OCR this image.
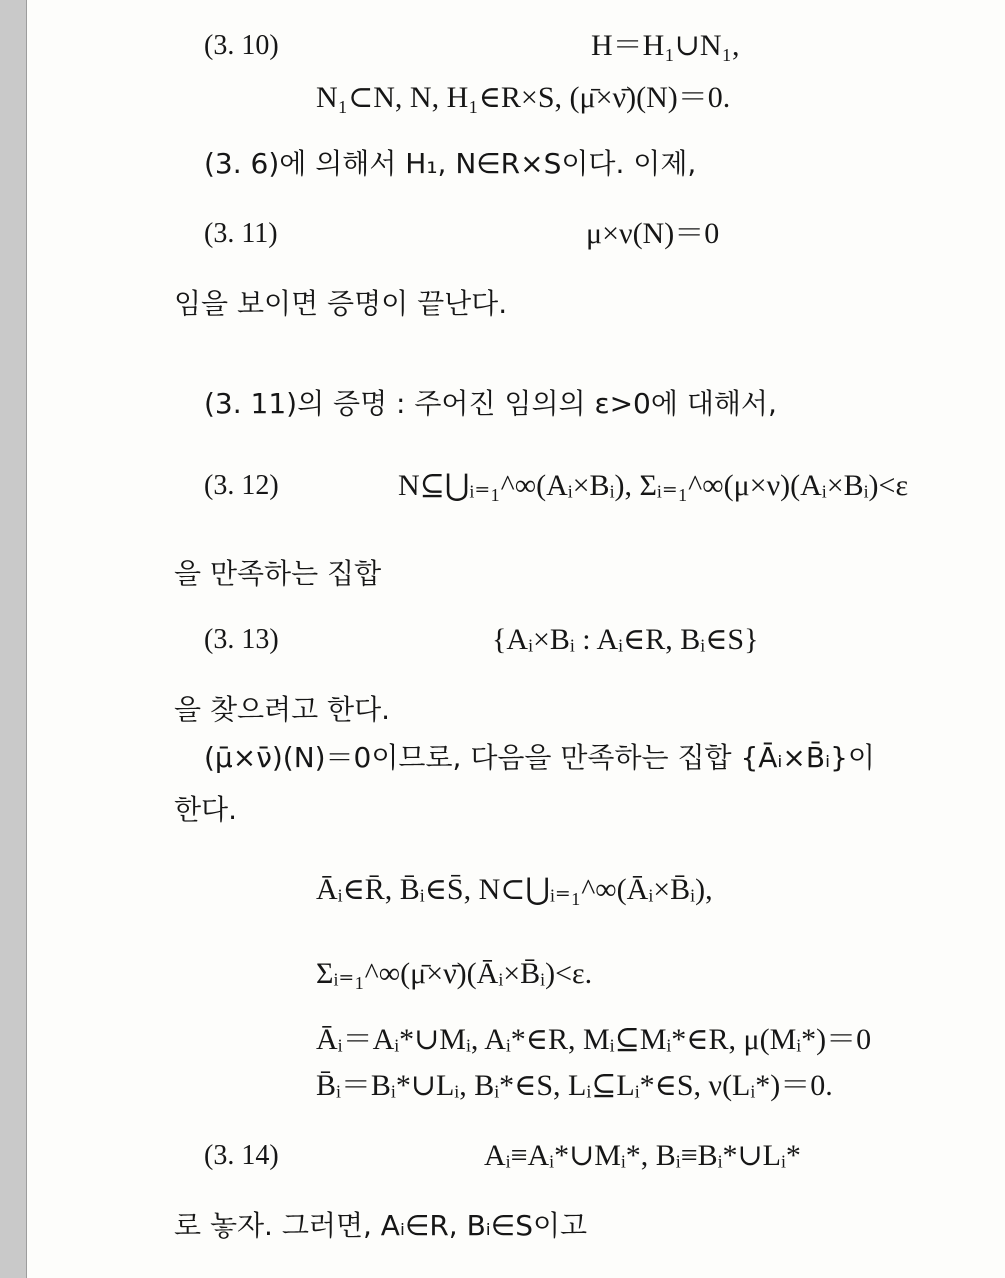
(3. 10)	H＝H₁∪N₁,
N₁⊂N, N, H₁∈R×S, (μ̄×ν̄)(N)＝0.
(3. 6)에 의해서 H₁, N∈R×S이다. 이제,
(3. 11)	μ×ν(N)＝0
임을 보이면 증명이 끝난다.
(3. 11)의 증명 : 주어진 임의의 ε>0에 대해서,
(3. 12)	N⊆⋃ᵢ₌₁^∞(Aᵢ×Bᵢ), Σᵢ₌₁^∞(μ×ν)(Aᵢ×Bᵢ)<ε
을 만족하는 집합
(3. 13)	{Aᵢ×Bᵢ : Aᵢ∈R, Bᵢ∈S}
을 찾으려고 한다.
(μ̄×ν̄)(N)＝0이므로, 다음을 만족하는 집합 {Āᵢ×B̄ᵢ}이
한다.
Āᵢ∈R̄, B̄ᵢ∈S̄, N⊂⋃ᵢ₌₁^∞(Āᵢ×B̄ᵢ),
Σᵢ₌₁^∞(μ̄×ν̄)(Āᵢ×B̄ᵢ)<ε.
Āᵢ＝Aᵢ*∪Mᵢ, Aᵢ*∈R, Mᵢ⊆Mᵢ*∈R, μ(Mᵢ*)＝0
B̄ᵢ＝Bᵢ*∪Lᵢ, Bᵢ*∈S, Lᵢ⊆Lᵢ*∈S, ν(Lᵢ*)＝0.
(3. 14)	Aᵢ≡Aᵢ*∪Mᵢ*, Bᵢ≡Bᵢ*∪Lᵢ*
로 놓자. 그러면, Aᵢ∈R, Bᵢ∈S이고
